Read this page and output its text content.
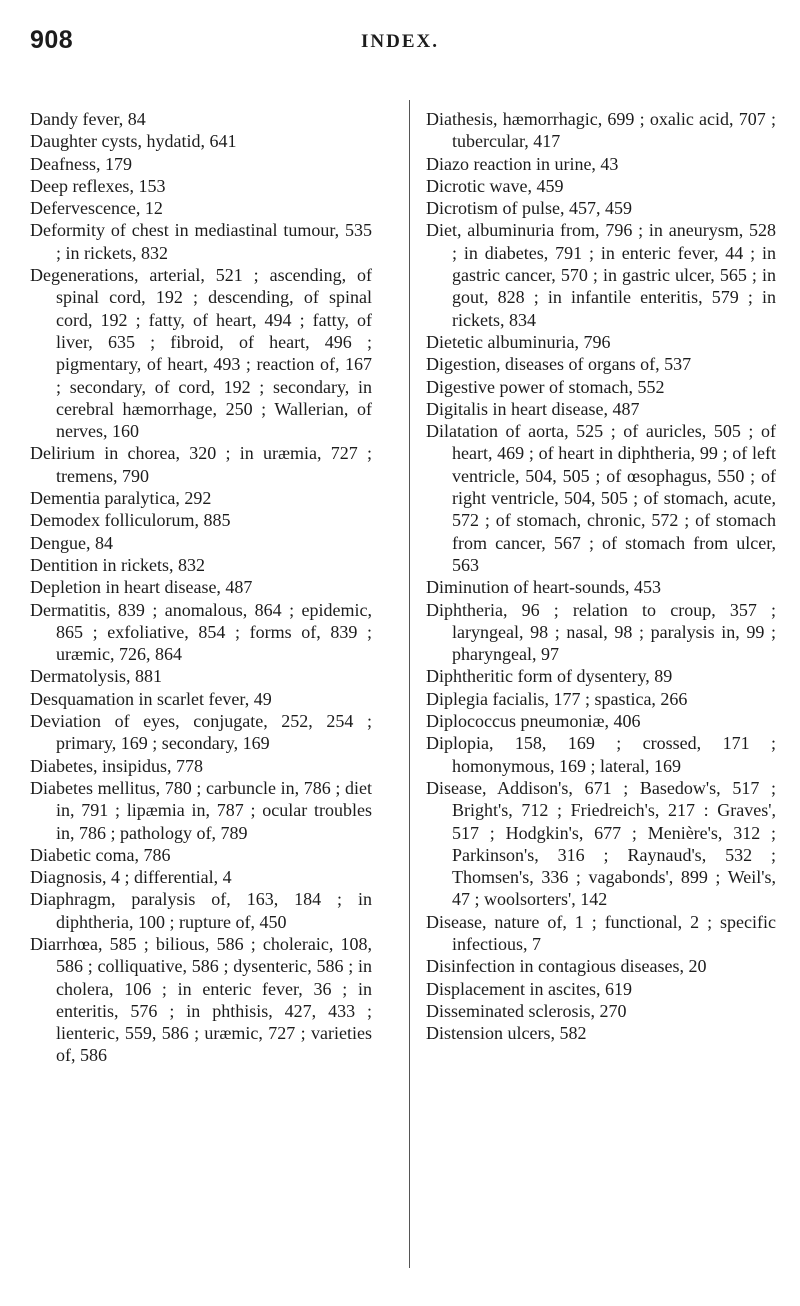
908	INDEX.
Dandy fever, 84
Daughter cysts, hydatid, 641
Deafness, 179
Deep reflexes, 153
Defervescence, 12
Deformity of chest in mediastinal tumour, 535 ; in rickets, 832
Degenerations, arterial, 521 ; ascending, of spinal cord, 192 ; descending, of spinal cord, 192 ; fatty, of heart, 494 ; fatty, of liver, 635 ; fibroid, of heart, 496 ; pigmentary, of heart, 493 ; reaction of, 167 ; secondary, of cord, 192 ; secondary, in cerebral hæmorrhage, 250 ; Wallerian, of nerves, 160
Delirium in chorea, 320 ; in uræmia, 727 ; tremens, 790
Dementia paralytica, 292
Demodex folliculorum, 885
Dengue, 84
Dentition in rickets, 832
Depletion in heart disease, 487
Dermatitis, 839 ; anomalous, 864 ; epidemic, 865 ; exfoliative, 854 ; forms of, 839 ; uræmic, 726, 864
Dermatolysis, 881
Desquamation in scarlet fever, 49
Deviation of eyes, conjugate, 252, 254 ; primary, 169 ; secondary, 169
Diabetes, insipidus, 778
Diabetes mellitus, 780 ; carbuncle in, 786 ; diet in, 791 ; lipæmia in, 787 ; ocular troubles in, 786 ; pathology of, 789
Diabetic coma, 786
Diagnosis, 4 ; differential, 4
Diaphragm, paralysis of, 163, 184 ; in diphtheria, 100 ; rupture of, 450
Diarrhœa, 585 ; bilious, 586 ; choleraic, 108, 586 ; colliquative, 586 ; dysenteric, 586 ; in cholera, 106 ; in enteric fever, 36 ; in enteritis, 576 ; in phthisis, 427, 433 ; lienteric, 559, 586 ; uræmic, 727 ; varieties of, 586
Diathesis, hæmorrhagic, 699 ; oxalic acid, 707 ; tubercular, 417
Diazo reaction in urine, 43
Dicrotic wave, 459
Dicrotism of pulse, 457, 459
Diet, albuminuria from, 796 ; in aneurysm, 528 ; in diabetes, 791 ; in enteric fever, 44 ; in gastric cancer, 570 ; in gastric ulcer, 565 ; in gout, 828 ; in infantile enteritis, 579 ; in rickets, 834
Dietetic albuminuria, 796
Digestion, diseases of organs of, 537
Digestive power of stomach, 552
Digitalis in heart disease, 487
Dilatation of aorta, 525 ; of auricles, 505 ; of heart, 469 ; of heart in diphtheria, 99 ; of left ventricle, 504, 505 ; of œsophagus, 550 ; of right ventricle, 504, 505 ; of stomach, acute, 572 ; of stomach, chronic, 572 ; of stomach from cancer, 567 ; of stomach from ulcer, 563
Diminution of heart-sounds, 453
Diphtheria, 96 ; relation to croup, 357 ; laryngeal, 98 ; nasal, 98 ; paralysis in, 99 ; pharyngeal, 97
Diphtheritic form of dysentery, 89
Diplegia facialis, 177 ; spastica, 266
Diplococcus pneumoniæ, 406
Diplopia, 158, 169 ; crossed, 171 ; homonymous, 169 ; lateral, 169
Disease, Addison's, 671 ; Basedow's, 517 ; Bright's, 712 ; Friedreich's, 217 : Graves', 517 ; Hodgkin's, 677 ; Menière's, 312 ; Parkinson's, 316 ; Raynaud's, 532 ; Thomsen's, 336 ; vagabonds', 899 ; Weil's, 47 ; woolsorters', 142
Disease, nature of, 1 ; functional, 2 ; specific infectious, 7
Disinfection in contagious diseases, 20
Displacement in ascites, 619
Disseminated sclerosis, 270
Distension ulcers, 582
